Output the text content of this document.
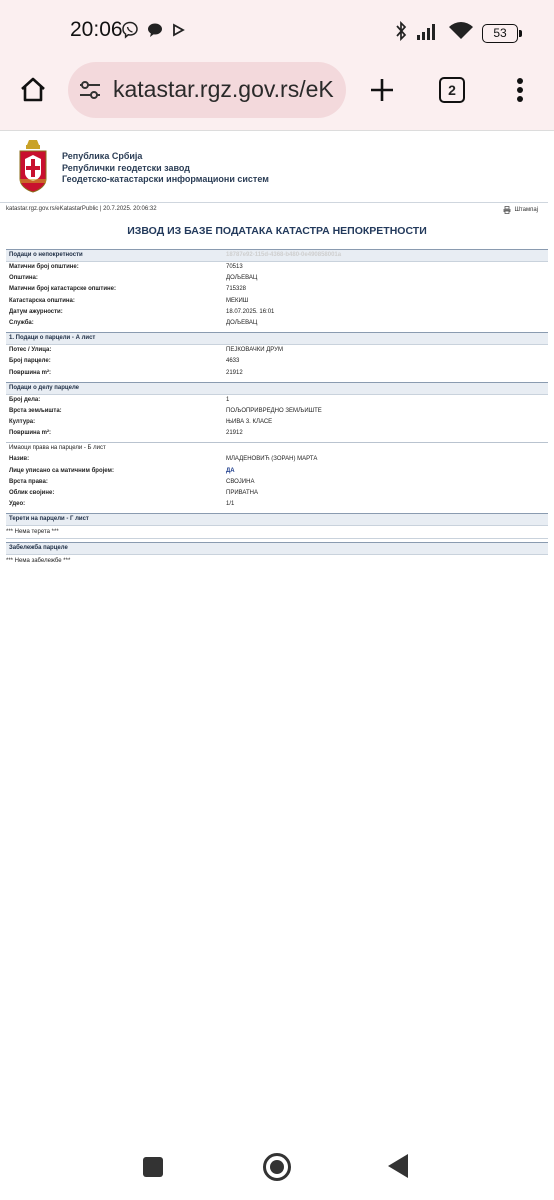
20:06	53
katastar.rgz.gov.rs/eK	2
Република Србија
Републички геодетски завод
Геодетско-катастарски информациони систем
katastar.rgz.gov.rs/eKatastarPublic | 20.7.2025. 20:06:32	Штампај
ИЗВОД ИЗ БАЗЕ ПОДАТАКА КАТАСТРА НЕПОКРЕТНОСТИ
Подаци о непокретности	18787e92-115d-4368-b480-0e490858001a
Матични број општине:	70513
Општина:	ДОЉЕВАЦ
Матични број катастарске општине:	715328
Катастарска општина:	МЕКИШ
Датум ажурности:	18.07.2025. 16:01
Служба:	ДОЉЕВАЦ
1. Подаци о парцели - А лист
Потес / Улица:	ПЕЈКОВАЧКИ ДРУМ
Број парцеле:	4633
Површина m²:	21912
Подаци о делу парцеле
Број дела:	1
Врста земљишта:	ПОЉОПРИВРЕДНО ЗЕМЉИШТЕ
Култура:	ЊИВА 3. КЛАСЕ
Површина m²:	21912
Имаоци права на парцели - Б лист
Назив:	МЛАДЕНОВИЋ (ЗОРАН) МАРТА
Лице уписано са матичним бројем:	ДА
Врста права:	СВОЈИНА
Облик својине:	ПРИВАТНА
Удео:	1/1
Терети на парцели - Г лист
*** Нема терета ***
Забележба парцеле
*** Нема забележбе ***
